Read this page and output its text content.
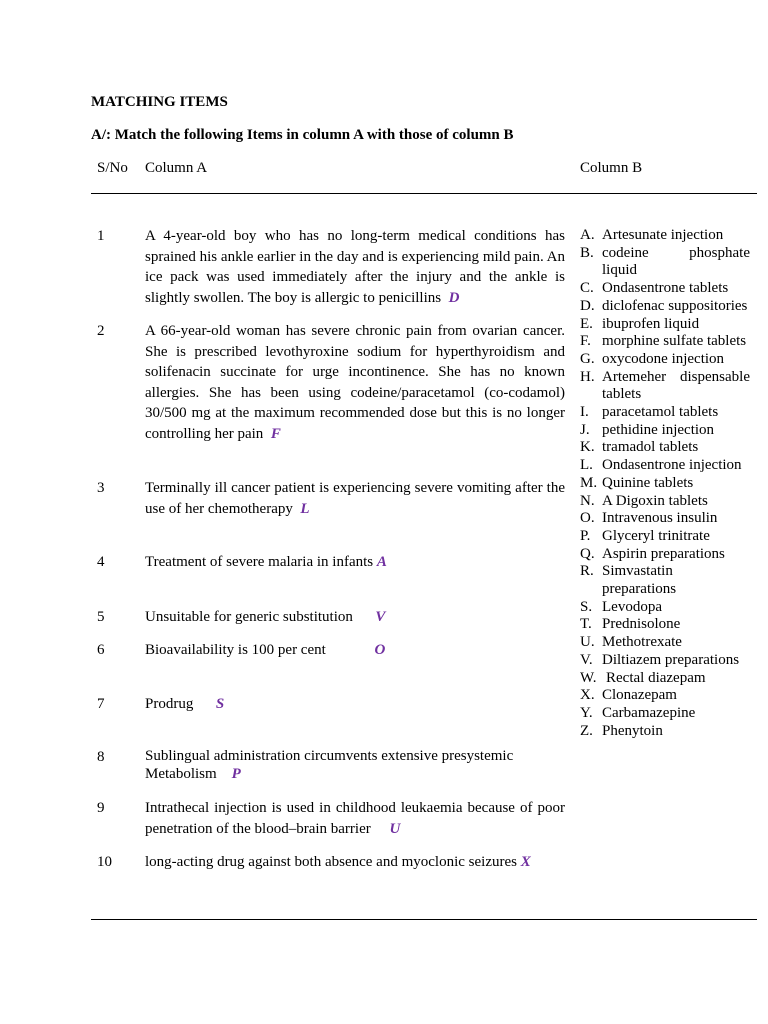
MATCHING ITEMS
A/: Match the following Items in column A with those of column B
S/No Column A	Column B
1	A 4-year-old boy who has no long-term medical conditions has sprained his ankle earlier in the day and is experiencing mild pain. An ice pack was used immediately after the injury and the ankle is slightly swollen. The boy is allergic to penicillins D
2	A 66-year-old woman has severe chronic pain from ovarian cancer. She is prescribed levothyroxine sodium for hyperthyroidism and solifenacin succinate for urge incontinence. She has no known allergies. She has been using codeine/paracetamol (co-codamol) 30/500 mg at the maximum recommended dose but this is no longer controlling her pain F
3	Terminally ill cancer patient is experiencing severe vomiting after the use of her chemotherapy L
4	Treatment of severe malaria in infants A
5	Unsuitable for generic substitution V
6	Bioavailability is 100 per cent	O
7	Prodrug S
8	Sublingual administration circumvents extensive presystemic Metabolism P
9	Intrathecal injection is used in childhood leukaemia because of poor penetration of the blood–brain barrier U
10 long-acting drug against both absence and myoclonic seizures X
A. Artesunate injection
B. codeine phosphate liquid
C. Ondasentrone tablets
D. diclofenac suppositories
E. ibuprofen liquid
F. morphine sulfate tablets
G. oxycodone injection
H. Artemeher dispensable tablets
I. paracetamol tablets
J. pethidine injection
K. tramadol tablets
L. Ondasentrone injection
M. Quinine tablets
N. A Digoxin tablets
O. Intravenous insulin
P. Glyceryl trinitrate
Q. Aspirin preparations
R. Simvastatin preparations
S. Levodopa
T. Prednisolone
U. Methotrexate
V. Diltiazem preparations
W. Rectal diazepam
X. Clonazepam
Y. Carbamazepine
Z. Phenytoin
